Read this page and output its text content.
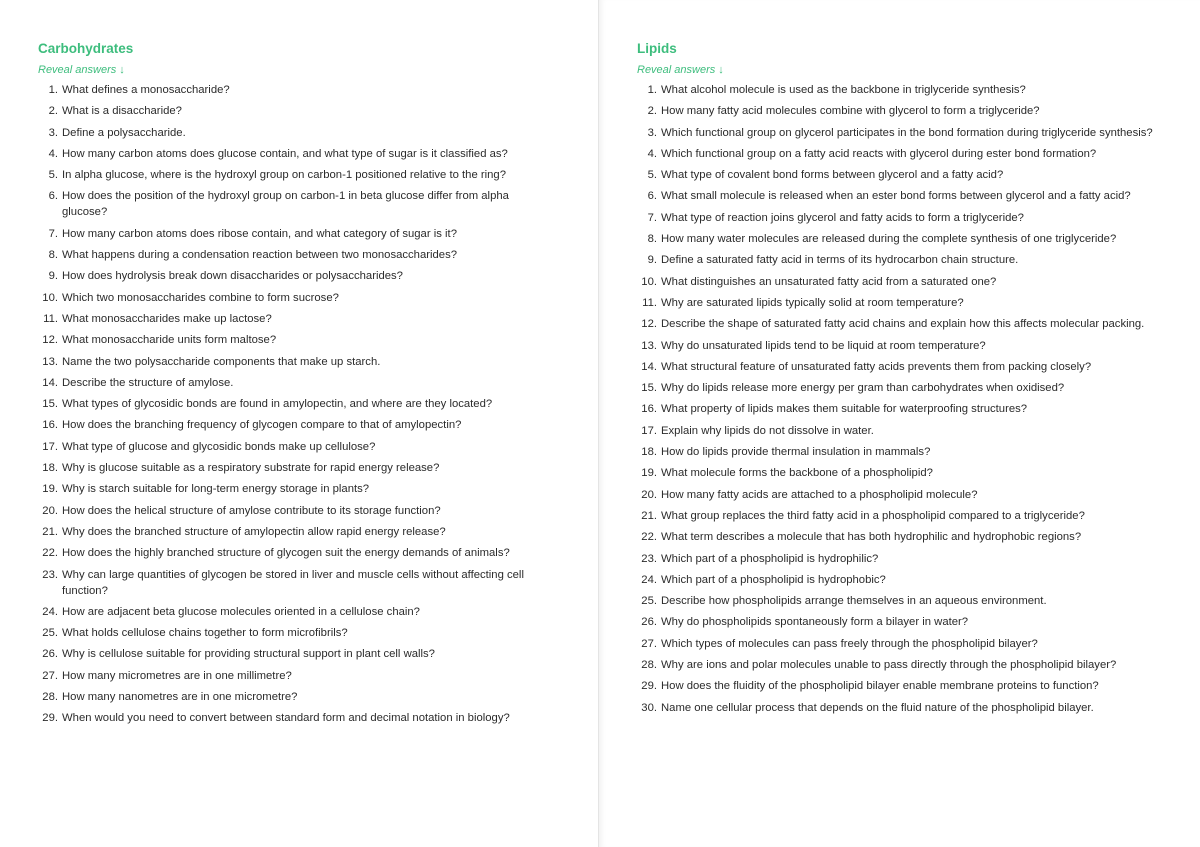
Carbohydrates
Reveal answers ↓
1. What defines a monosaccharide?
2. What is a disaccharide?
3. Define a polysaccharide.
4. How many carbon atoms does glucose contain, and what type of sugar is it classified as?
5. In alpha glucose, where is the hydroxyl group on carbon-1 positioned relative to the ring?
6. How does the position of the hydroxyl group on carbon-1 in beta glucose differ from alpha glucose?
7. How many carbon atoms does ribose contain, and what category of sugar is it?
8. What happens during a condensation reaction between two monosaccharides?
9. How does hydrolysis break down disaccharides or polysaccharides?
10. Which two monosaccharides combine to form sucrose?
11. What monosaccharides make up lactose?
12. What monosaccharide units form maltose?
13. Name the two polysaccharide components that make up starch.
14. Describe the structure of amylose.
15. What types of glycosidic bonds are found in amylopectin, and where are they located?
16. How does the branching frequency of glycogen compare to that of amylopectin?
17. What type of glucose and glycosidic bonds make up cellulose?
18. Why is glucose suitable as a respiratory substrate for rapid energy release?
19. Why is starch suitable for long-term energy storage in plants?
20. How does the helical structure of amylose contribute to its storage function?
21. Why does the branched structure of amylopectin allow rapid energy release?
22. How does the highly branched structure of glycogen suit the energy demands of animals?
23. Why can large quantities of glycogen be stored in liver and muscle cells without affecting cell function?
24. How are adjacent beta glucose molecules oriented in a cellulose chain?
25. What holds cellulose chains together to form microfibrils?
26. Why is cellulose suitable for providing structural support in plant cell walls?
27. How many micrometres are in one millimetre?
28. How many nanometres are in one micrometre?
29. When would you need to convert between standard form and decimal notation in biology?
Lipids
Reveal answers ↓
1. What alcohol molecule is used as the backbone in triglyceride synthesis?
2. How many fatty acid molecules combine with glycerol to form a triglyceride?
3. Which functional group on glycerol participates in the bond formation during triglyceride synthesis?
4. Which functional group on a fatty acid reacts with glycerol during ester bond formation?
5. What type of covalent bond forms between glycerol and a fatty acid?
6. What small molecule is released when an ester bond forms between glycerol and a fatty acid?
7. What type of reaction joins glycerol and fatty acids to form a triglyceride?
8. How many water molecules are released during the complete synthesis of one triglyceride?
9. Define a saturated fatty acid in terms of its hydrocarbon chain structure.
10. What distinguishes an unsaturated fatty acid from a saturated one?
11. Why are saturated lipids typically solid at room temperature?
12. Describe the shape of saturated fatty acid chains and explain how this affects molecular packing.
13. Why do unsaturated lipids tend to be liquid at room temperature?
14. What structural feature of unsaturated fatty acids prevents them from packing closely?
15. Why do lipids release more energy per gram than carbohydrates when oxidised?
16. What property of lipids makes them suitable for waterproofing structures?
17. Explain why lipids do not dissolve in water.
18. How do lipids provide thermal insulation in mammals?
19. What molecule forms the backbone of a phospholipid?
20. How many fatty acids are attached to a phospholipid molecule?
21. What group replaces the third fatty acid in a phospholipid compared to a triglyceride?
22. What term describes a molecule that has both hydrophilic and hydrophobic regions?
23. Which part of a phospholipid is hydrophilic?
24. Which part of a phospholipid is hydrophobic?
25. Describe how phospholipids arrange themselves in an aqueous environment.
26. Why do phospholipids spontaneously form a bilayer in water?
27. Which types of molecules can pass freely through the phospholipid bilayer?
28. Why are ions and polar molecules unable to pass directly through the phospholipid bilayer?
29. How does the fluidity of the phospholipid bilayer enable membrane proteins to function?
30. Name one cellular process that depends on the fluid nature of the phospholipid bilayer.
